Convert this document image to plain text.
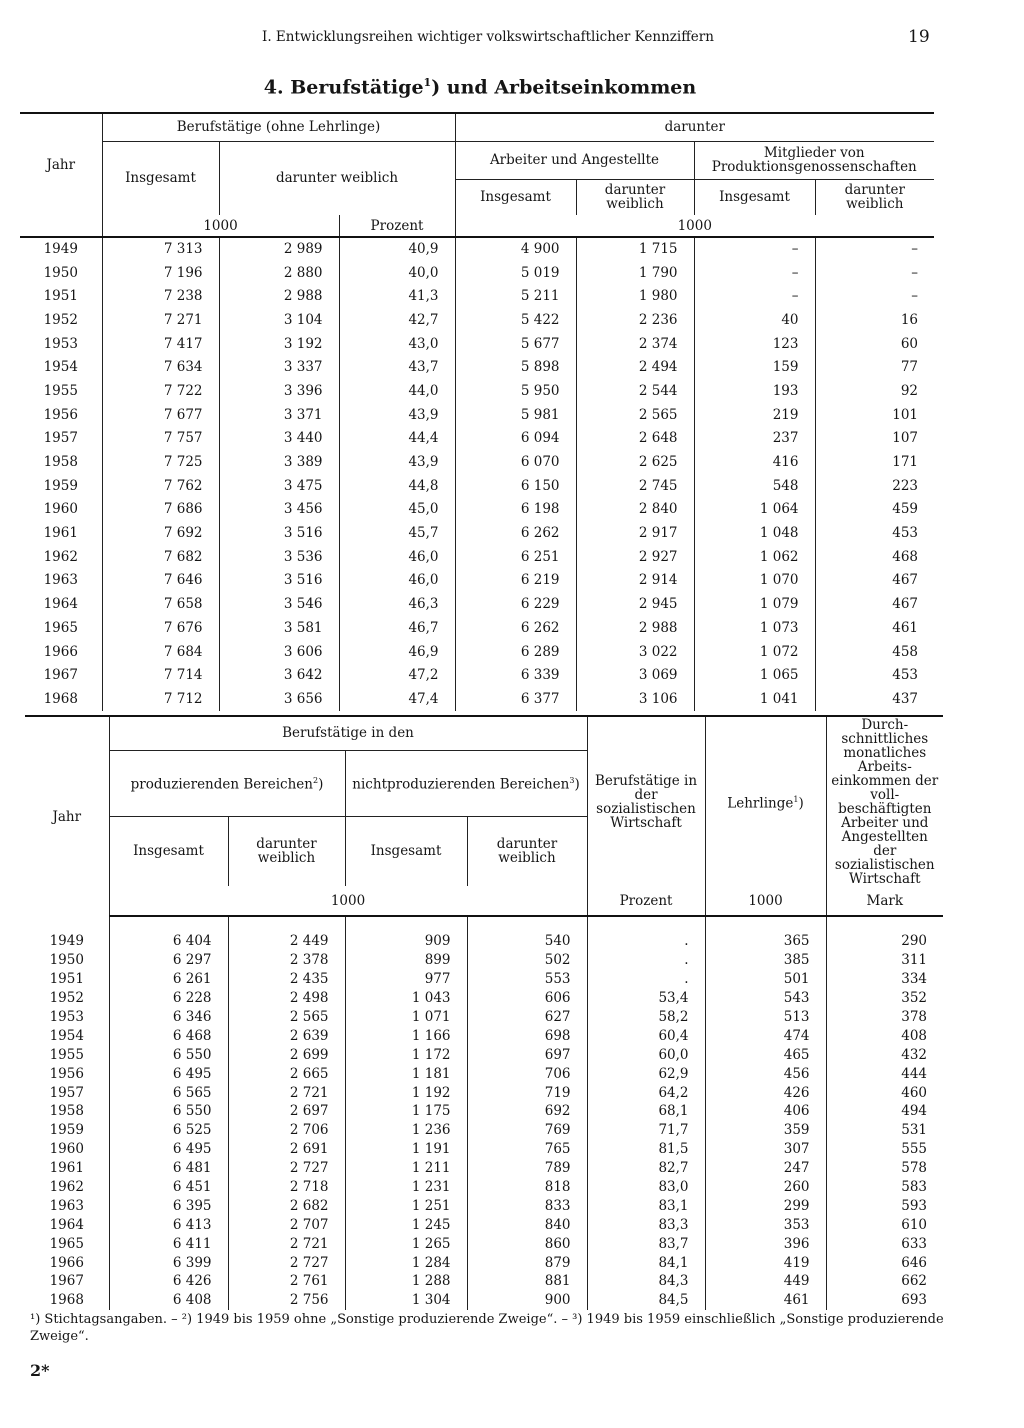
I. Entwicklungsreihen wichtiger volkswirtschaftlicher Kennziffern	19
4. Berufstätige$^1$) und Arbeitseinkommen
Jahr	Berufstätige (ohne Lehrlinge)			darunter			
	Insgesamt	darunter weiblich		Arbeiter und Angestellte		Mitglieder von Produktionsgenossenschaften	
				Insgesamt	darunter weiblich	Insgesamt	darunter weiblich
	1000		Prozent	1000			
1949	7 313	2 989	40,9	4 900	1 715	–	–
1950	7 196	2 880	40,0	5 019	1 790	–	–
1951	7 238	2 988	41,3	5 211	1 980	–	–
1952	7 271	3 104	42,7	5 422	2 236	40	16
1953	7 417	3 192	43,0	5 677	2 374	123	60
1954	7 634	3 337	43,7	5 898	2 494	159	77
1955	7 722	3 396	44,0	5 950	2 544	193	92
1956	7 677	3 371	43,9	5 981	2 565	219	101
1957	7 757	3 440	44,4	6 094	2 648	237	107
1958	7 725	3 389	43,9	6 070	2 625	416	171
1959	7 762	3 475	44,8	6 150	2 745	548	223
1960	7 686	3 456	45,0	6 198	2 840	1 064	459
1961	7 692	3 516	45,7	6 262	2 917	1 048	453
1962	7 682	3 536	46,0	6 251	2 927	1 062	468
1963	7 646	3 516	46,0	6 219	2 914	1 070	467
1964	7 658	3 546	46,3	6 229	2 945	1 079	467
1965	7 676	3 581	46,7	6 262	2 988	1 073	461
1966	7 684	3 606	46,9	6 289	3 022	1 072	458
1967	7 714	3 642	47,2	6 339	3 069	1 065	453
1968	7 712	3 656	47,4	6 377	3 106	1 041	437
Jahr	Berufstätige in den				Berufstätige in der sozialistischen Wirtschaft	Lehrlinge$^1$)	Durch- schnittliches monatliches Arbeits- einkommen der voll- beschäftigten Arbeiter und Angestellten der sozialistischen Wirtschaft
	produzierenden Bereichen$^2$)		nichtproduzierenden Bereichen$^3$)				
	Insgesamt	darunter weiblich	Insgesamt	darunter weiblich			
	1000				Prozent	1000	Mark

1949	6 404	2 449	909	540	.	365	290
1950	6 297	2 378	899	502	.	385	311
1951	6 261	2 435	977	553	.	501	334
1952	6 228	2 498	1 043	606	53,4	543	352
1953	6 346	2 565	1 071	627	58,2	513	378
1954	6 468	2 639	1 166	698	60,4	474	408
1955	6 550	2 699	1 172	697	60,0	465	432
1956	6 495	2 665	1 181	706	62,9	456	444
1957	6 565	2 721	1 192	719	64,2	426	460
1958	6 550	2 697	1 175	692	68,1	406	494
1959	6 525	2 706	1 236	769	71,7	359	531
1960	6 495	2 691	1 191	765	81,5	307	555
1961	6 481	2 727	1 211	789	82,7	247	578
1962	6 451	2 718	1 231	818	83,0	260	583
1963	6 395	2 682	1 251	833	83,1	299	593
1964	6 413	2 707	1 245	840	83,3	353	610
1965	6 411	2 721	1 265	860	83,7	396	633
1966	6 399	2 727	1 284	879	84,1	419	646
1967	6 426	2 761	1 288	881	84,3	449	662
1968	6 408	2 756	1 304	900	84,5	461	693
¹) Stichtagsangaben. – ²) 1949 bis 1959 ohne „Sonstige produzierende Zweige“. – ³) 1949 bis 1959 einschließlich „Sonstige produzierende Zweige“.
2*
